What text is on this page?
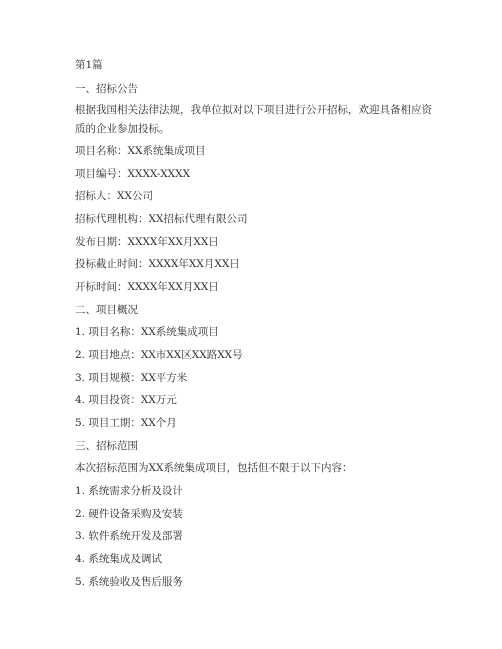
第1篇
一、招标公告
根据我国相关法律法规，我单位拟对以下项目进行公开招标，欢迎具备相应资质的企业参加投标。
项目名称：XX系统集成项目
项目编号：XXXX-XXXX
招标人：XX公司
招标代理机构：XX招标代理有限公司
发布日期：XXXX年XX月XX日
投标截止时间：XXXX年XX月XX日
开标时间：XXXX年XX月XX日
二、项目概况
1. 项目名称：XX系统集成项目
2. 项目地点：XX市XX区XX路XX号
3. 项目规模：XX平方米
4. 项目投资：XX万元
5. 项目工期：XX个月
三、招标范围
本次招标范围为XX系统集成项目，包括但不限于以下内容：
1. 系统需求分析及设计
2. 硬件设备采购及安装
3. 软件系统开发及部署
4. 系统集成及调试
5. 系统验收及售后服务
